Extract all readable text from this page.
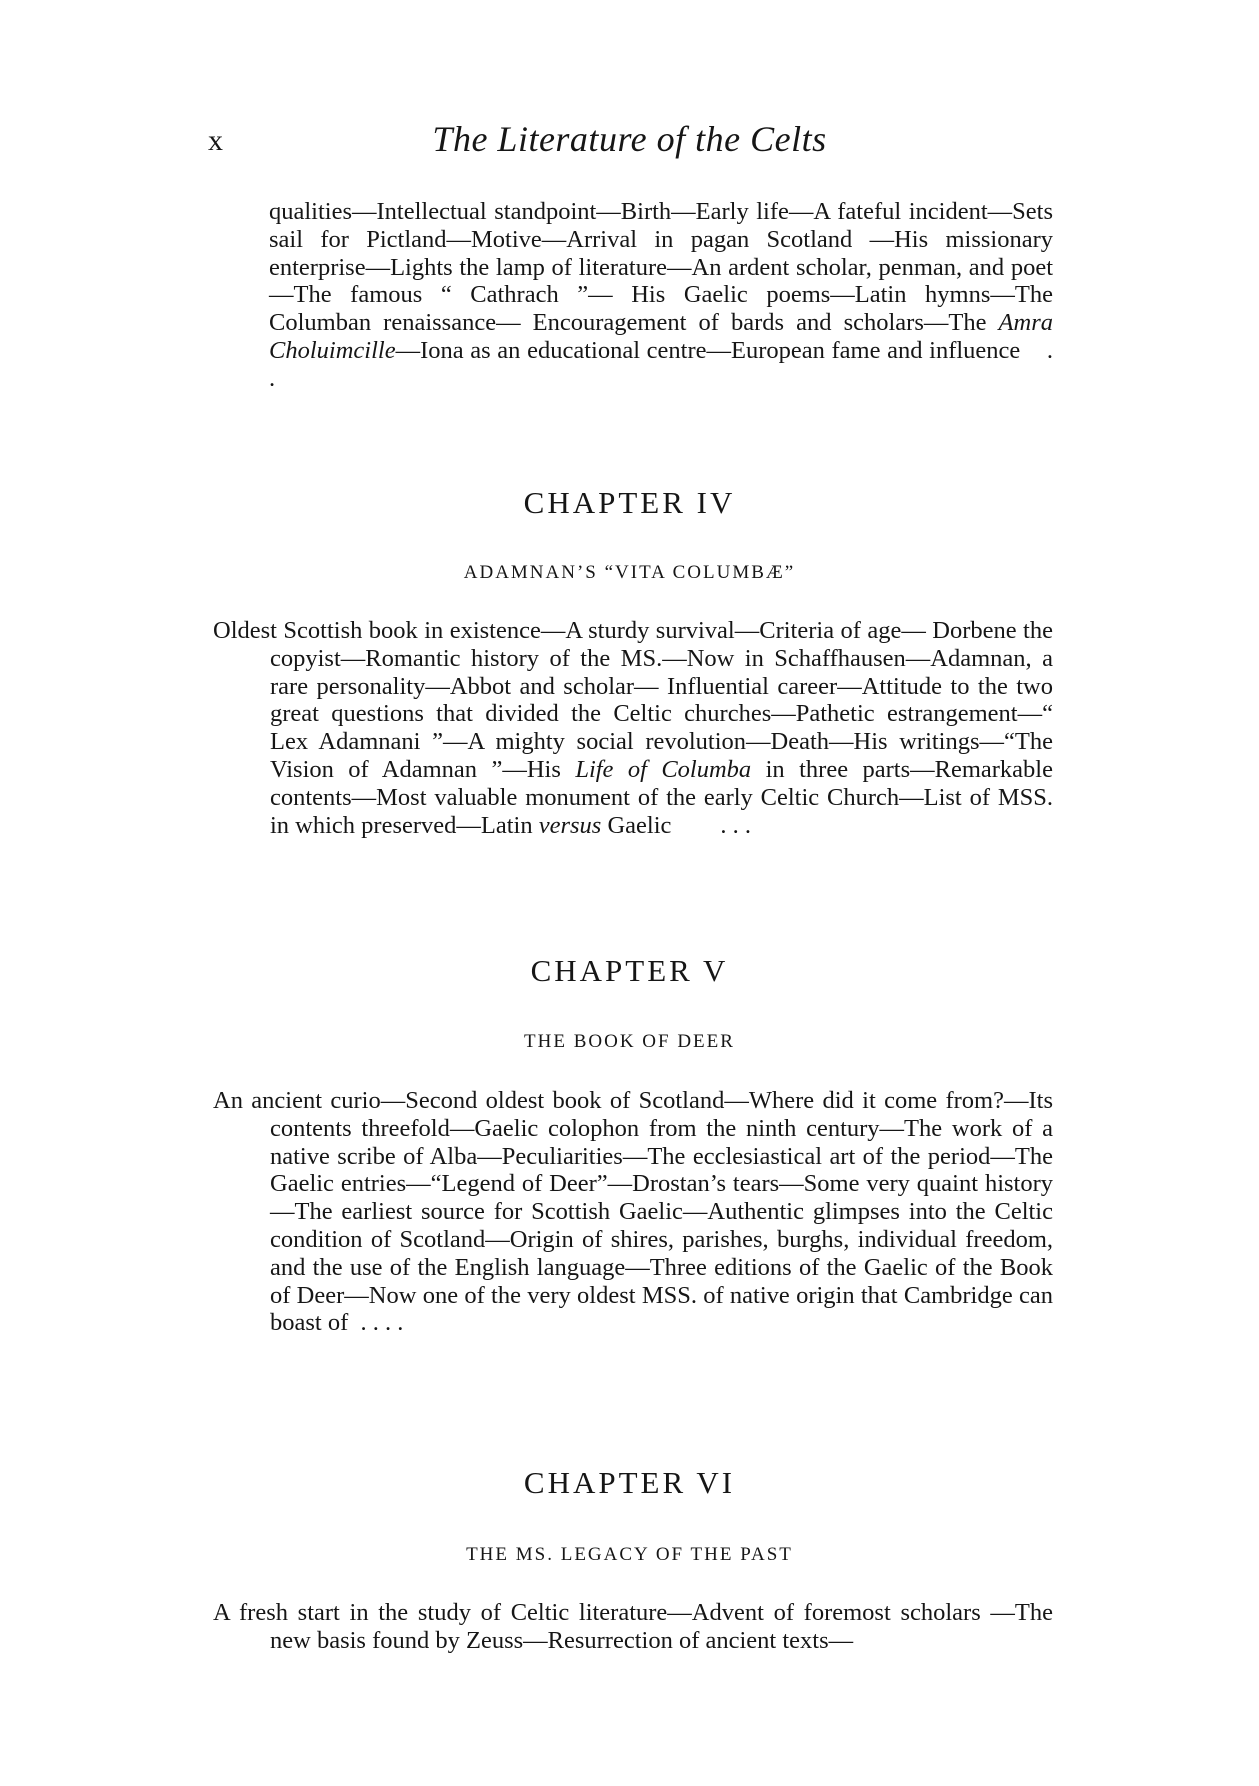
x	The Literature of the Celts

qualities—Intellectual standpoint—Birth—Early life—A fateful incident—Sets sail for Pictland—Motive—Arrival in pagan Scotland —His missionary enterprise—Lights the lamp of literature—An ardent scholar, penman, and poet—The famous “ Cathrach ”— His Gaelic poems—Latin hymns—The Columban renaissance— Encouragement of bards and scholars—The Amra Choluimcille—Iona as an educational centre—European fame and influence . .

CHAPTER IV
ADAMNAN’S “VITA COLUMBÆ”

Oldest Scottish book in existence—A sturdy survival—Criteria of age— Dorbene the copyist—Romantic history of the MS.—Now in Schaffhausen—Adamnan, a rare personality—Abbot and scholar— Influential career—Attitude to the two great questions that divided the Celtic churches—Pathetic estrangement—“ Lex Adamnani ”—A mighty social revolution—Death—His writings—“The Vision of Adamnan ”—His Life of Columba in three parts—Remarkable contents—Most valuable monument of the early Celtic Church—List of MSS. in which preserved—Latin versus Gaelic . . .

CHAPTER V
THE BOOK OF DEER

An ancient curio—Second oldest book of Scotland—Where did it come from?—Its contents threefold—Gaelic colophon from the ninth century—The work of a native scribe of Alba—Peculiarities—The ecclesiastical art of the period—The Gaelic entries—“Legend of Deer”—Drostan’s tears—Some very quaint history—The earliest source for Scottish Gaelic—Authentic glimpses into the Celtic condition of Scotland—Origin of shires, parishes, burghs, individual freedom, and the use of the English language—Three editions of the Gaelic of the Book of Deer—Now one of the very oldest MSS. of native origin that Cambridge can boast of . . . .

CHAPTER VI
THE MS. LEGACY OF THE PAST

A fresh start in the study of Celtic literature—Advent of foremost scholars —The new basis found by Zeuss—Resurrection of ancient texts—
